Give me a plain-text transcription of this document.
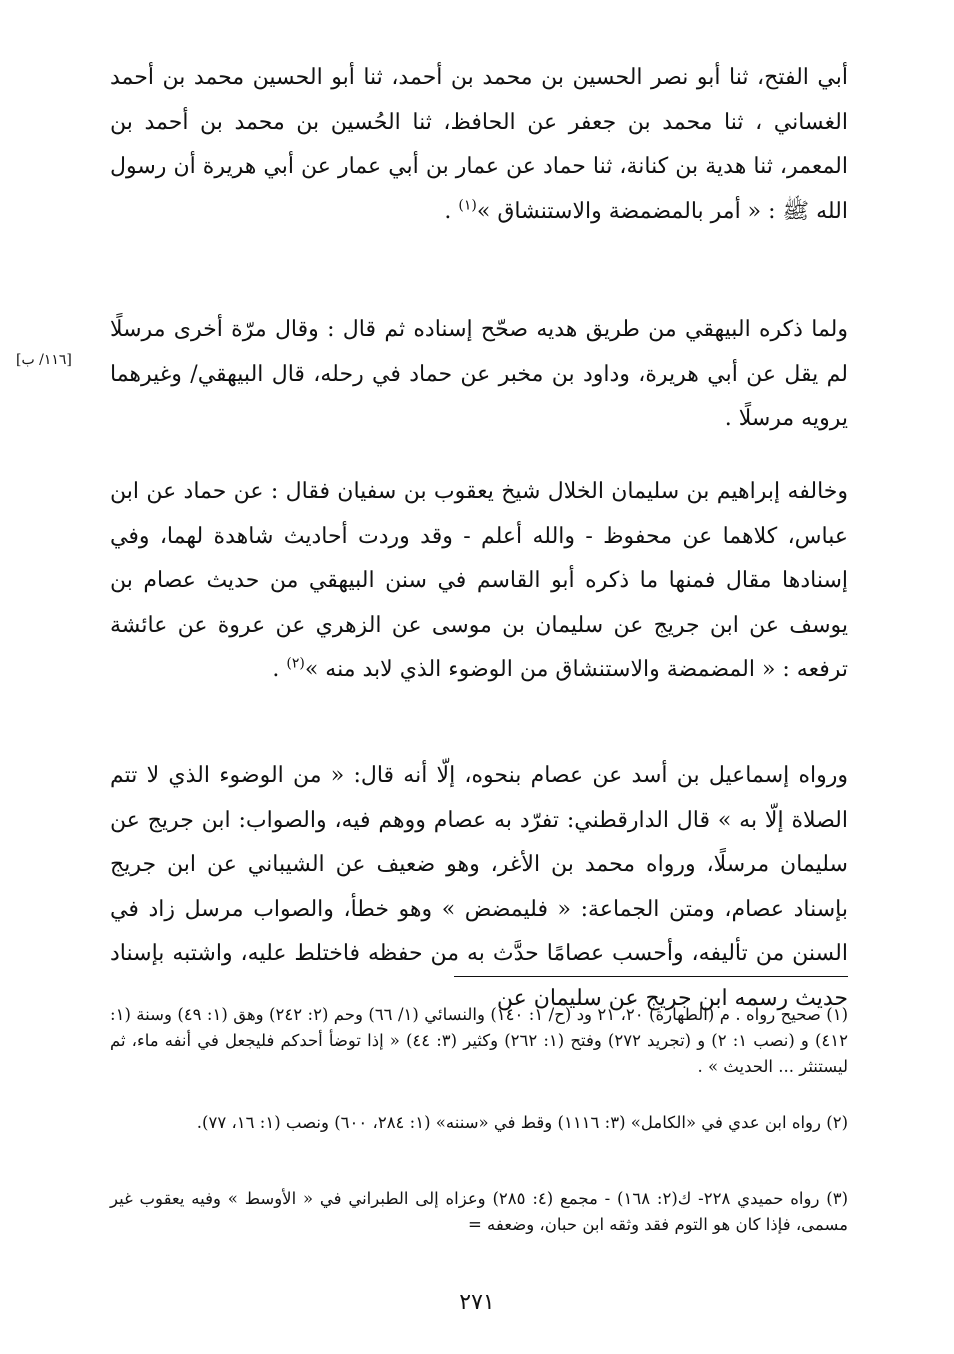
أبي الفتح، ثنا أبو نصر الحسين بن محمد بن أحمد، ثنا أبو الحسين محمد بن أحمد الغساني ، ثنا محمد بن جعفر عن الحافظ، ثنا الحُسين بن محمد بن أحمد بن المعمر، ثنا هدية بن كنانة، ثنا حماد عن عمار بن أبي عمار عن أبي هريرة أن رسول الله ﷺ : « أمر بالمضمضة والاستنشاق »$^{(١)}$ .

ولما ذكره البيهقي من طريق هديه صحّح إسناده ثم قال : وقال مرّة أخرى مرسلًا لم يقل عن أبي هريرة، وداود بن مخبر عن حماد في رحله، قال البيهقي/ وغيرهما يرويه مرسلًا .

وخالفه إبراهيم بن سليمان الخلال شيخ يعقوب بن سفيان فقال : عن حماد عن ابن عباس، كلاهما عن محفوظ - والله أعلم - وقد وردت أحاديث شاهدة لهما، وفي إسنادها مقال فمنها ما ذكره أبو القاسم في سنن البيهقي من حديث عصام بن يوسف عن ابن جريج عن سليمان بن موسى عن الزهري عن عروة عن عائشة ترفعه : « المضمضة والاستنشاق من الوضوء الذي لابد منه »$^{(٢)}$ .

ورواه إسماعيل بن أسد عن عصام بنحوه، إلّا أنه قال: « من الوضوء الذي لا تتم الصلاة إلّا به » قال الدارقطني: تفرّد به عصام ووهم فيه، والصواب: ابن جريج عن سليمان مرسلًا، ورواه محمد بن الأغر، وهو ضعيف عن الشيباني عن ابن جريج بإسناد عصام، ومتن الجماعة: « فليمضض » وهو خطأ، والصواب مرسل زاد في السنن من تأليفه، وأحسب عصامًا حدَّث به من حفظه فاختلط عليه، واشتبه بإسناد حديث رسمه ابن جريج عن سليمان عن

(١) صحيح رواه . م (الطهارة) ٢٠، ٢١ ود (ح/ ١: ١٤٠) والنسائي (١/ ٦٦) وحم (٢: ٢٤٢) وهق (١: ٤٩) وسنة (١: ٤١٢) و (نصب ١: ٢) و (تجريد ٢٧٢) وفتح (١: ٢٦٢) وكثير (٣: ٤٤) « إذا توضأ أحدكم فليجعل في أنفه ماء، ثم ليستنثر ... الحديث » .

(٢) رواه ابن عدي في «الكامل» (٣: ١١١٦) وقط في «سننه» (١: ٢٨٤، ٦٠٠) ونصب (١: ١٦، ٧٧).

(٣) رواه حميدي ٢٢٨- ك(٢: ١٦٨) - مجمع (٤: ٢٨٥) وعزاه إلى الطبراني في « الأوسط » وفيه يعقوب غير مسمى، فإذا كان هو التوم فقد وثقه ابن حبان، وضعفه =

[١١٦/ ب]
٢٧١
